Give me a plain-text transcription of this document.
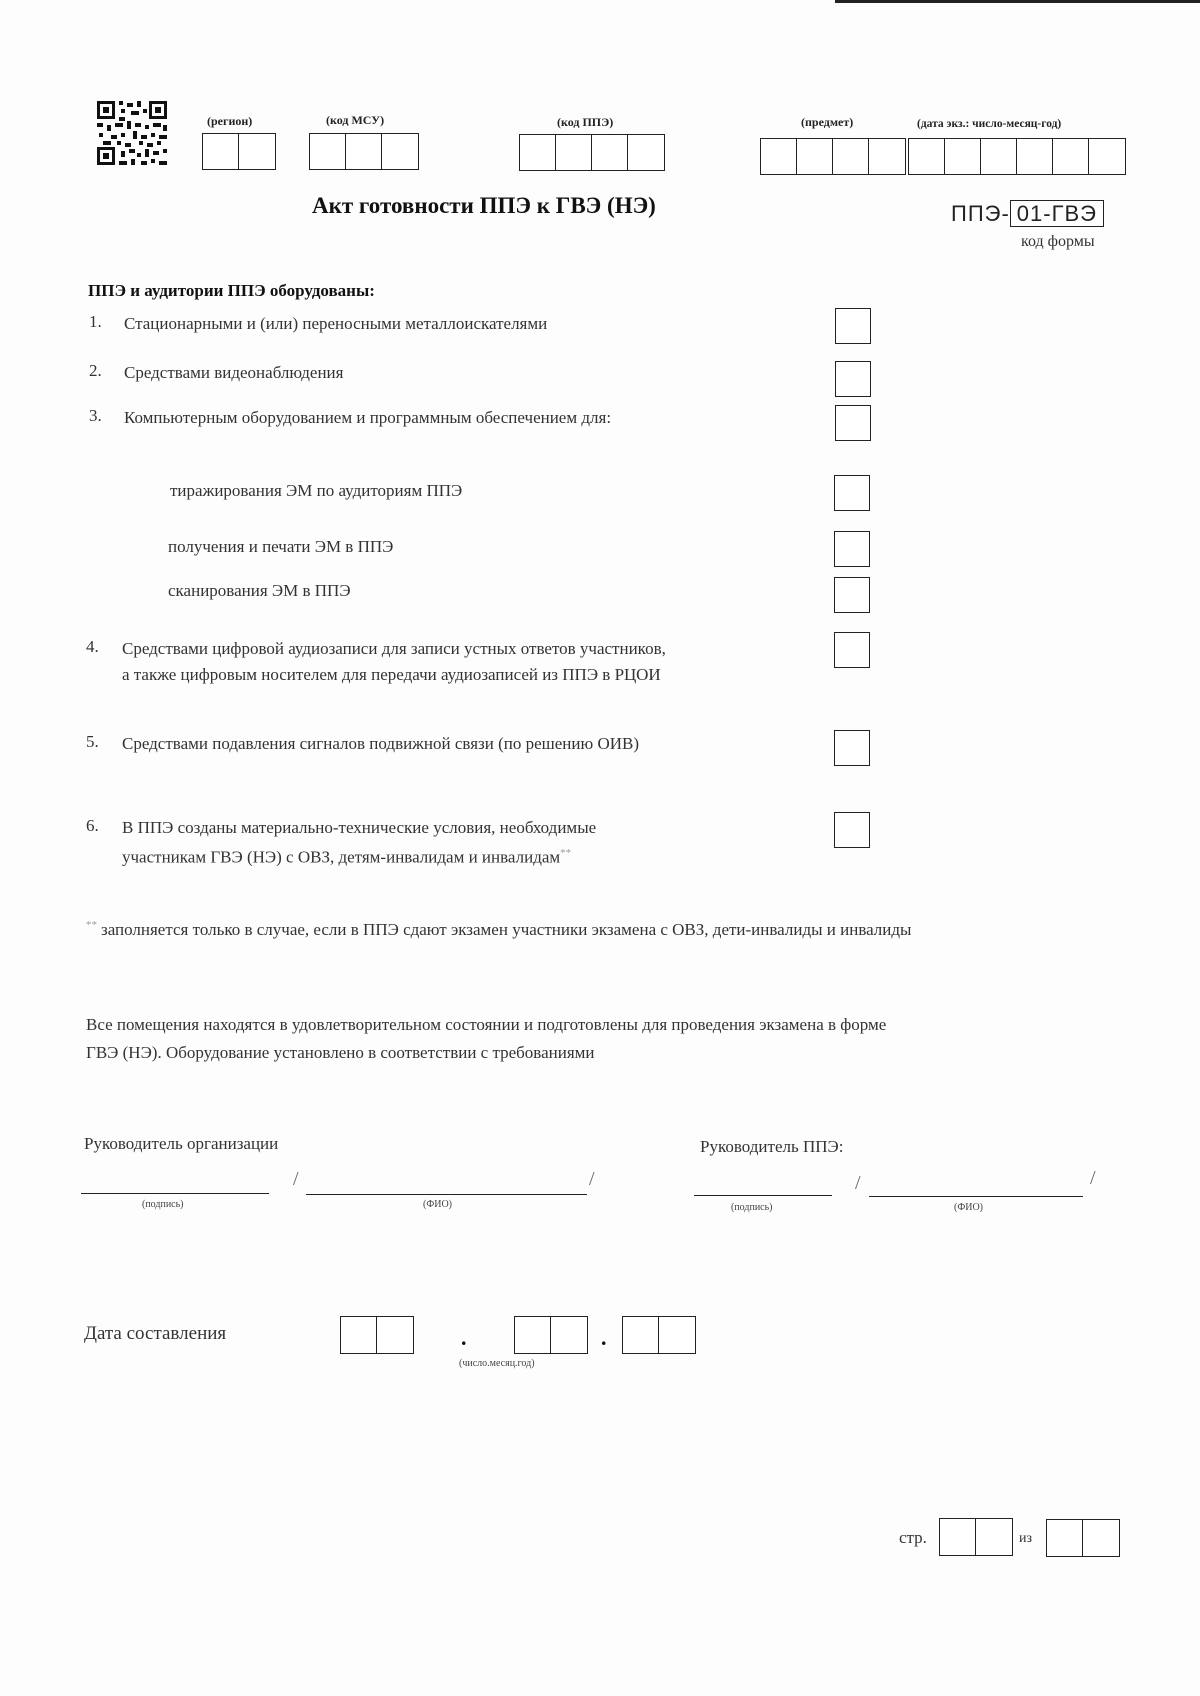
(регион)	(код МСУ)	(код ППЭ)	(предмет)	(дата экз.: число-месяц-год)
Акт готовности ППЭ к ГВЭ (НЭ)	ППЭ- 01-ГВЭ
код формы
ППЭ и аудитории ППЭ оборудованы:
1. Стационарными и (или) переносными металлоискателями
2. Средствами видеонаблюдения
3. Компьютерным оборудованием и программным обеспечением для:
тиражирования ЭМ по аудиториям ППЭ
получения и печати ЭМ в ППЭ
сканирования ЭМ в ППЭ
4. Средствами цифровой аудиозаписи для записи устных ответов участников,
а также цифровым носителем для передачи аудиозаписей из ППЭ в РЦОИ
5. Средствами подавления сигналов подвижной связи (по решению ОИВ)
6. В ППЭ созданы материально-технические условия, необходимые
участникам ГВЭ (НЭ) с ОВЗ, детям-инвалидам и инвалидам**
** заполняется только в случае, если в ППЭ сдают экзамен участники экзамена с ОВЗ, дети-инвалиды и инвалиды
Все помещения находятся в удовлетворительном состоянии и подготовлены для проведения экзамена в форме
ГВЭ (НЭ). Оборудование установлено в соответствии с требованиями
Руководитель организации	Руководитель ППЭ:
/	/
(подпись)	(ФИО)
/	/
(подпись)	(ФИО)
Дата составления	.	.
(число.месяц.год)
стр.	из
